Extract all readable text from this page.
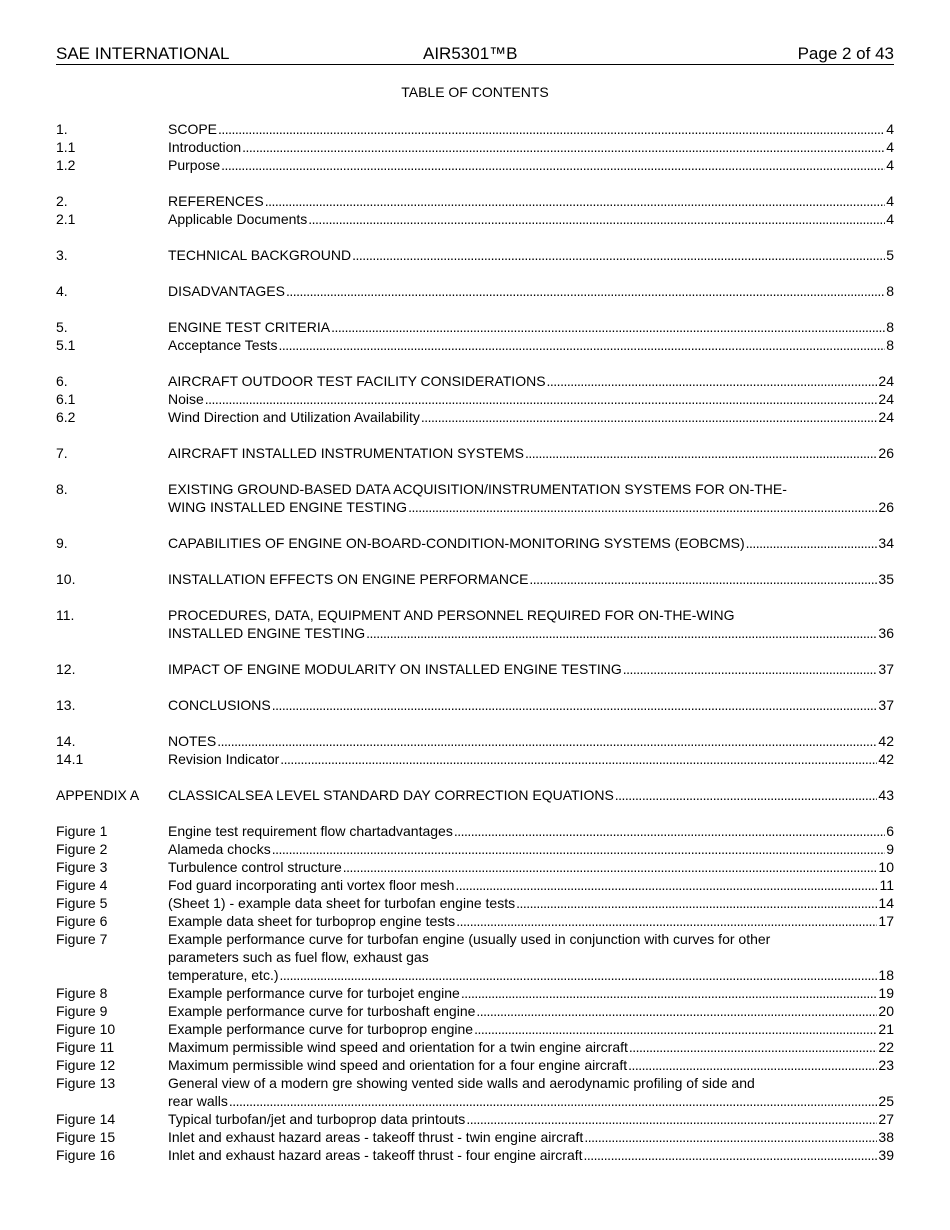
SAE INTERNATIONAL	AIR5301™B	Page 2 of 43
TABLE OF CONTENTS
1.	SCOPE . . .	4
1.1	Introduction . . .	4
1.2	Purpose . . .	4
2.	REFERENCES . . .	4
2.1	Applicable Documents . . .	4
3.	TECHNICAL BACKGROUND . . .	5
4.	DISADVANTAGES . . .	8
5.	ENGINE TEST CRITERIA . . .	8
5.1	Acceptance Tests . . .	8
6.	AIRCRAFT OUTDOOR TEST FACILITY CONSIDERATIONS . . .	24
6.1	Noise . . .	24
6.2	Wind Direction and Utilization Availability . . .	24
7.	AIRCRAFT INSTALLED INSTRUMENTATION SYSTEMS . . .	26
8.	EXISTING GROUND-BASED DATA ACQUISITION/INSTRUMENTATION SYSTEMS FOR ON-THE-
WING INSTALLED ENGINE TESTING . . .	26
9.	CAPABILITIES OF ENGINE ON-BOARD-CONDITION-MONITORING SYSTEMS (EOBCMS) . . .	34
10.	INSTALLATION EFFECTS ON ENGINE PERFORMANCE . . .	35
11.	PROCEDURES, DATA, EQUIPMENT AND PERSONNEL REQUIRED FOR ON-THE-WING
INSTALLED ENGINE TESTING . . .	36
12.	IMPACT OF ENGINE MODULARITY ON INSTALLED ENGINE TESTING . . .	37
13.	CONCLUSIONS . . .	37
14.	NOTES . . .	42
14.1	Revision Indicator . . .	42
APPENDIX A CLASSICALSEA LEVEL STANDARD DAY CORRECTION EQUATIONS . . .	43
Figure 1	Engine test requirement flow chartadvantages . . .	6
Figure 2	Alameda chocks . . .	9
Figure 3	Turbulence control structure . . .	10
Figure 4	Fod guard incorporating anti vortex floor mesh . . .	11
Figure 5	(Sheet 1) - example data sheet for turbofan engine tests . . .	14
Figure 6	Example data sheet for turboprop engine tests . . .	17
Figure 7	Example performance curve for turbofan engine (usually used in conjunction with curves for other
parameters such as fuel flow, exhaust gas
temperature, etc.) . . .	18
Figure 8	Example performance curve for turbojet engine . . .	19
Figure 9	Example performance curve for turboshaft engine . . .	20
Figure 10	Example performance curve for turboprop engine . . .	21
Figure 11	Maximum permissible wind speed and orientation for a twin engine aircraft . . .	22
Figure 12	Maximum permissible wind speed and orientation for a four engine aircraft . . .	23
Figure 13	General view of a modern gre showing vented side walls and aerodynamic profiling of side and
rear walls . . .	25
Figure 14	Typical turbofan/jet and turboprop data printouts . . .	27
Figure 15	Inlet and exhaust hazard areas - takeoff thrust - twin engine aircraft . . .	38
Figure 16	Inlet and exhaust hazard areas - takeoff thrust - four engine aircraft . . .	39
